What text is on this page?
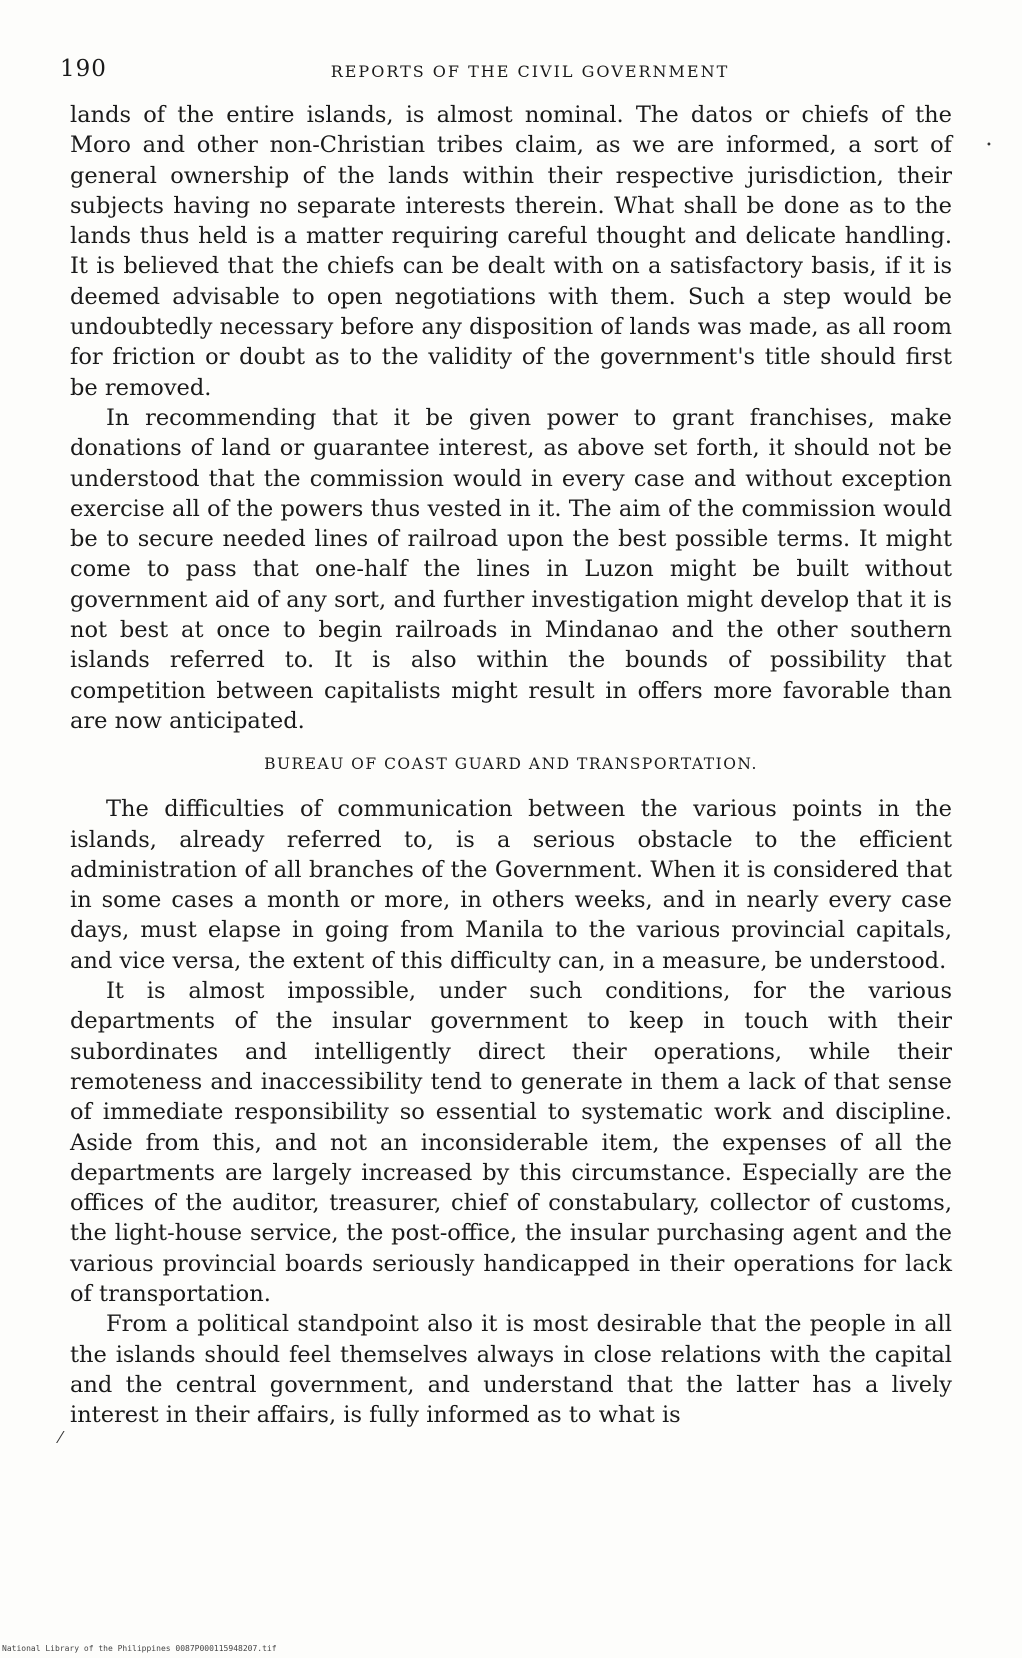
190	REPORTS OF THE CIVIL GOVERNMENT

lands of the entire islands, is almost nominal. The datos or chiefs of the Moro and other non-Christian tribes claim, as we are informed, a sort of general ownership of the lands within their respective jurisdiction, their subjects having no separate interests therein. What shall be done as to the lands thus held is a matter requiring careful thought and delicate handling. It is believed that the chiefs can be dealt with on a satisfactory basis, if it is deemed advisable to open negotiations with them. Such a step would be undoubtedly necessary before any disposition of lands was made, as all room for friction or doubt as to the validity of the government's title should first be removed.

In recommending that it be given power to grant franchises, make donations of land or guarantee interest, as above set forth, it should not be understood that the commission would in every case and without exception exercise all of the powers thus vested in it. The aim of the commission would be to secure needed lines of railroad upon the best possible terms. It might come to pass that one-half the lines in Luzon might be built without government aid of any sort, and further investigation might develop that it is not best at once to begin railroads in Mindanao and the other southern islands referred to. It is also within the bounds of possibility that competition between capitalists might result in offers more favorable than are now anticipated.

BUREAU OF COAST GUARD AND TRANSPORTATION.

The difficulties of communication between the various points in the islands, already referred to, is a serious obstacle to the efficient administration of all branches of the Government. When it is considered that in some cases a month or more, in others weeks, and in nearly every case days, must elapse in going from Manila to the various provincial capitals, and vice versa, the extent of this difficulty can, in a measure, be understood.

It is almost impossible, under such conditions, for the various departments of the insular government to keep in touch with their subordinates and intelligently direct their operations, while their remoteness and inaccessibility tend to generate in them a lack of that sense of immediate responsibility so essential to systematic work and discipline. Aside from this, and not an inconsiderable item, the expenses of all the departments are largely increased by this circumstance. Especially are the offices of the auditor, treasurer, chief of constabulary, collector of customs, the light-house service, the post-office, the insular purchasing agent and the various provincial boards seriously handicapped in their operations for lack of transportation.

From a political standpoint also it is most desirable that the people in all the islands should feel themselves always in close relations with the capital and the central government, and understand that the latter has a lively interest in their affairs, is fully informed as to what is

⁄
•
National Library of the Philippines 0087P000115948207.tif
